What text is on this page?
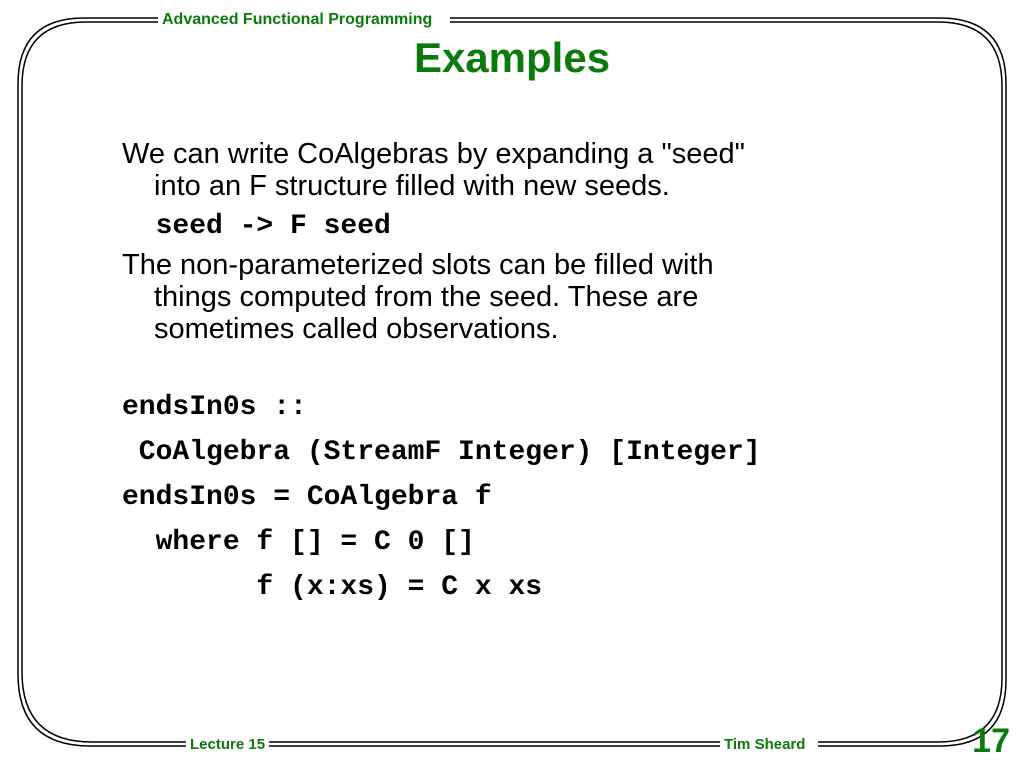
Advanced Functional Programming
Examples

We can write CoAlgebras by expanding a "seed"
into an F structure filled with new seeds.

seed -> F seed

The non-parameterized slots can be filled with
things computed from the seed. These are
sometimes called observations.

endsIn0s ::

CoAlgebra (StreamF Integer) [Integer]

endsIn0s = CoAlgebra f

where f [] = C 0 []

f (x:xs) = C x xs

Lecture 15	Tim Sheard	17
